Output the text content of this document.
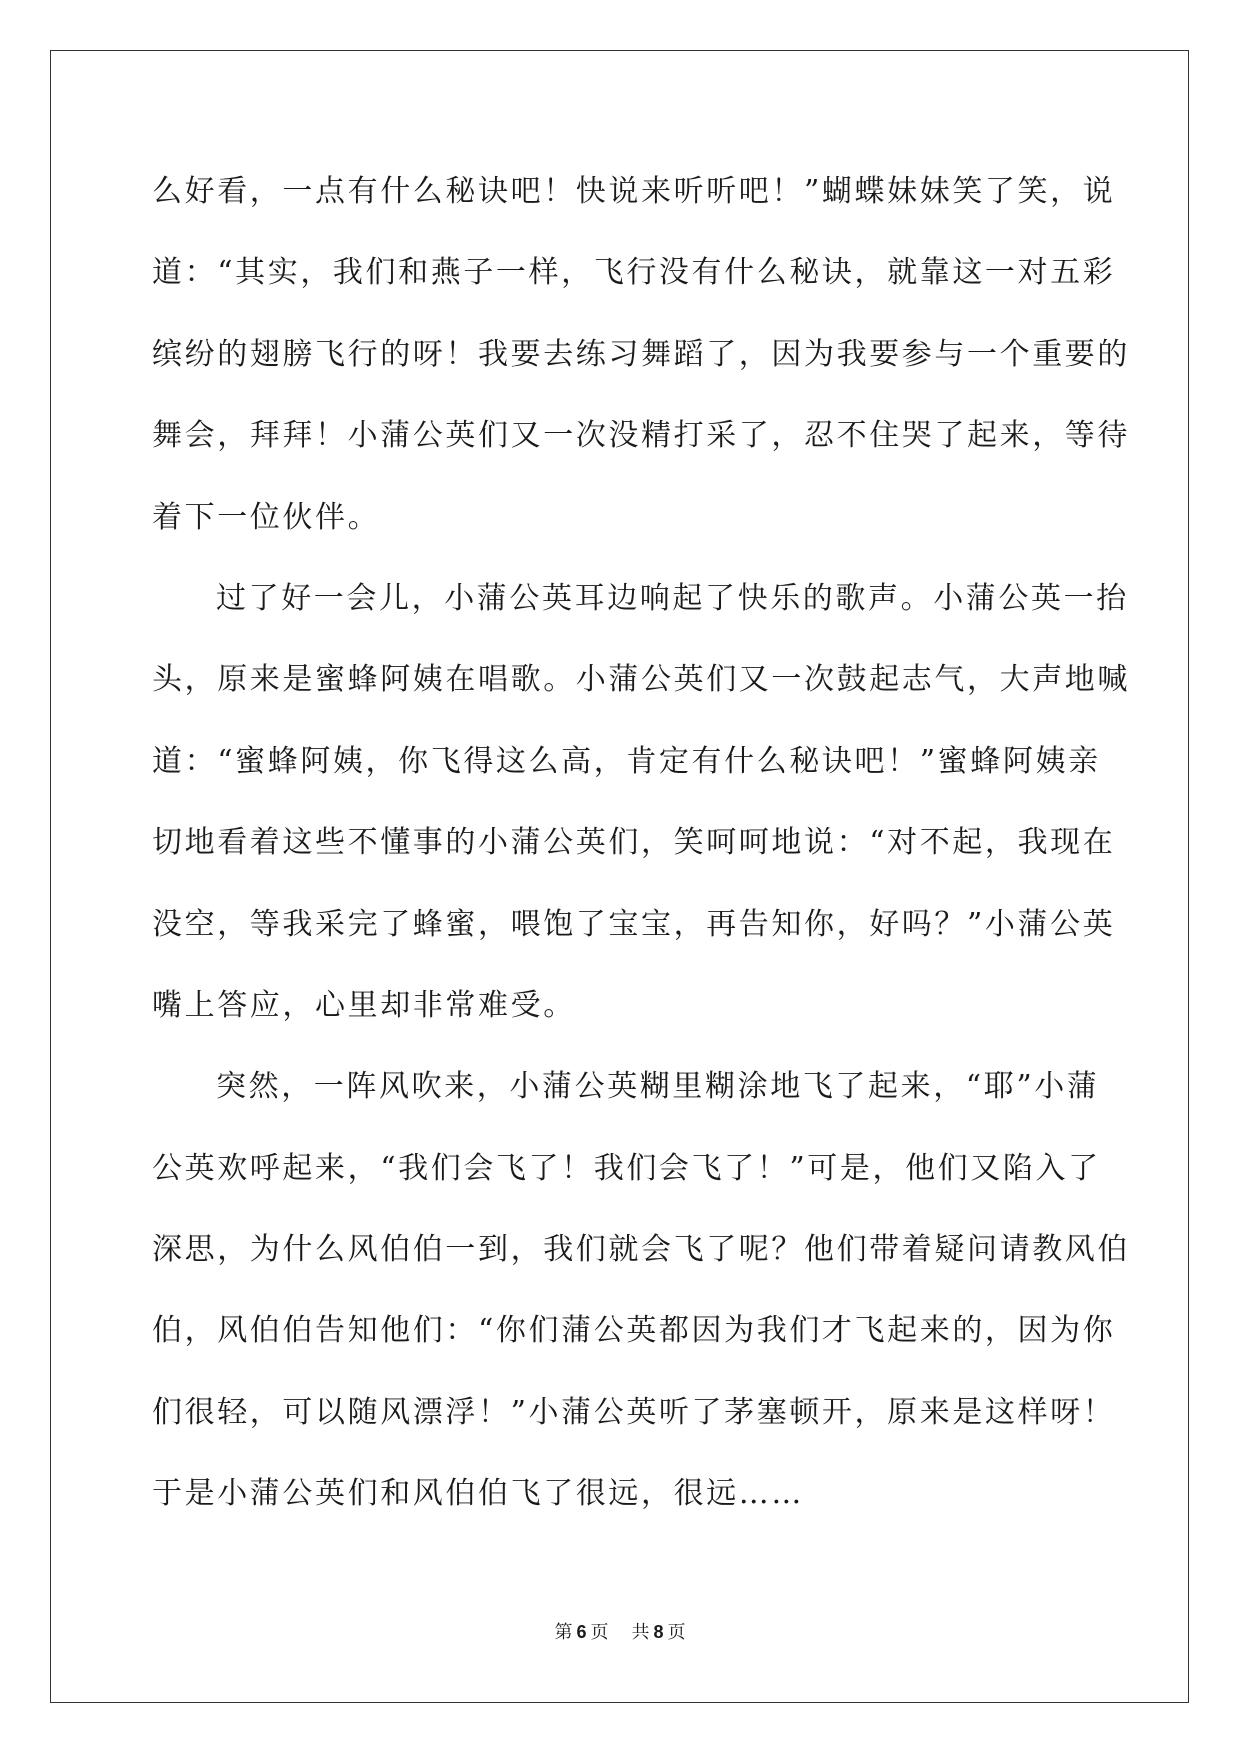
么好看，一点有什么秘诀吧！快说来听听吧！”蝴蝶妹妹笑了笑，说
道：“其实，我们和燕子一样，飞行没有什么秘诀，就靠这一对五彩
缤纷的翅膀飞行的呀！我要去练习舞蹈了，因为我要参与一个重要的
舞会，拜拜！小蒲公英们又一次没精打采了，忍不住哭了起来，等待
着下一位伙伴。
过了好一会儿，小蒲公英耳边响起了快乐的歌声。小蒲公英一抬
头，原来是蜜蜂阿姨在唱歌。小蒲公英们又一次鼓起志气，大声地喊
道：“蜜蜂阿姨，你飞得这么高，肯定有什么秘诀吧！”蜜蜂阿姨亲
切地看着这些不懂事的小蒲公英们，笑呵呵地说：“对不起，我现在
没空，等我采完了蜂蜜，喂饱了宝宝，再告知你，好吗？”小蒲公英
嘴上答应，心里却非常难受。
突然，一阵风吹来，小蒲公英糊里糊涂地飞了起来，“耶”小蒲
公英欢呼起来，“我们会飞了！我们会飞了！”可是，他们又陷入了
深思，为什么风伯伯一到，我们就会飞了呢？他们带着疑问请教风伯
伯，风伯伯告知他们：“你们蒲公英都因为我们才飞起来的，因为你
们很轻，可以随风漂浮！”小蒲公英听了茅塞顿开，原来是这样呀！
于是小蒲公英们和风伯伯飞了很远，很远……
第 6 页 共 8 页
